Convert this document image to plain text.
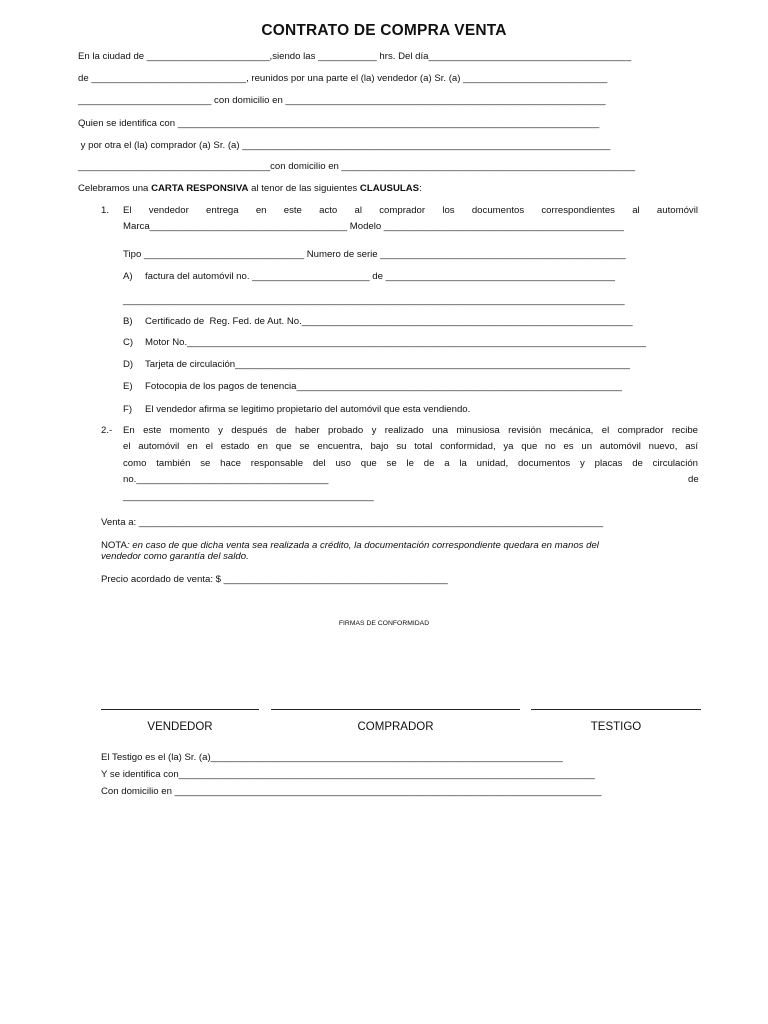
CONTRATO DE COMPRA VENTA
En la ciudad de _______________________,siendo las ___________ hrs. Del día______________________________________
de _____________________________, reunidos por una parte el (la) vendedor (a) Sr. (a) ___________________________
_________________________ con domicilio en ____________________________________________________________
Quien se identifica con _______________________________________________________________________________
y por otra el (la) comprador (a) Sr. (a) _____________________________________________________________________
____________________________________con domicilio en _______________________________________________________
Celebramos una CARTA RESPONSIVA al tenor de las siguientes CLAUSULAS:
1. El vendedor entrega en este acto al comprador los documentos correspondientes al automóvil
Marca_____________________________________ Modelo _____________________________________________
Tipo ______________________________ Numero de serie ______________________________________________
A) factura del automóvil no. ______________________ de ___________________________________________
______________________________________________________________________________________________
B) Certificado de  Reg. Fed. de Aut. No.______________________________________________________________
C) Motor No.______________________________________________________________________________________
D) Tarjeta de circulación__________________________________________________________________________
E) Fotocopia de los pagos de tenencia_____________________________________________________________
F) El vendedor afirma se legitimo propietario del automóvil que esta vendiendo.
2.- En este momento y después de haber probado y realizado una minusiosa revisión mecánica, el comprador recibe
el automóvil en el estado en que se encuentra, bajo su total conformidad, ya que no es un automóvil nuevo, así
como también se hace responsable del uso que se le de a la unidad, documentos y placas de circulación
no.____________________________________	de
_______________________________________________
Venta a: _______________________________________________________________________________________
NOTA: en caso de que dicha venta sea realizada a crédito, la documentación correspondiente quedara en manos del
vendedor como garantía del saldo.
Precio acordado de venta: $ __________________________________________
FIRMAS DE CONFORMIDAD
VENDEDOR	COMPRADOR	TESTIGO
El Testigo es el (la) Sr. (a)__________________________________________________________________
Y se identifica con______________________________________________________________________________
Con domicilio en ________________________________________________________________________________
